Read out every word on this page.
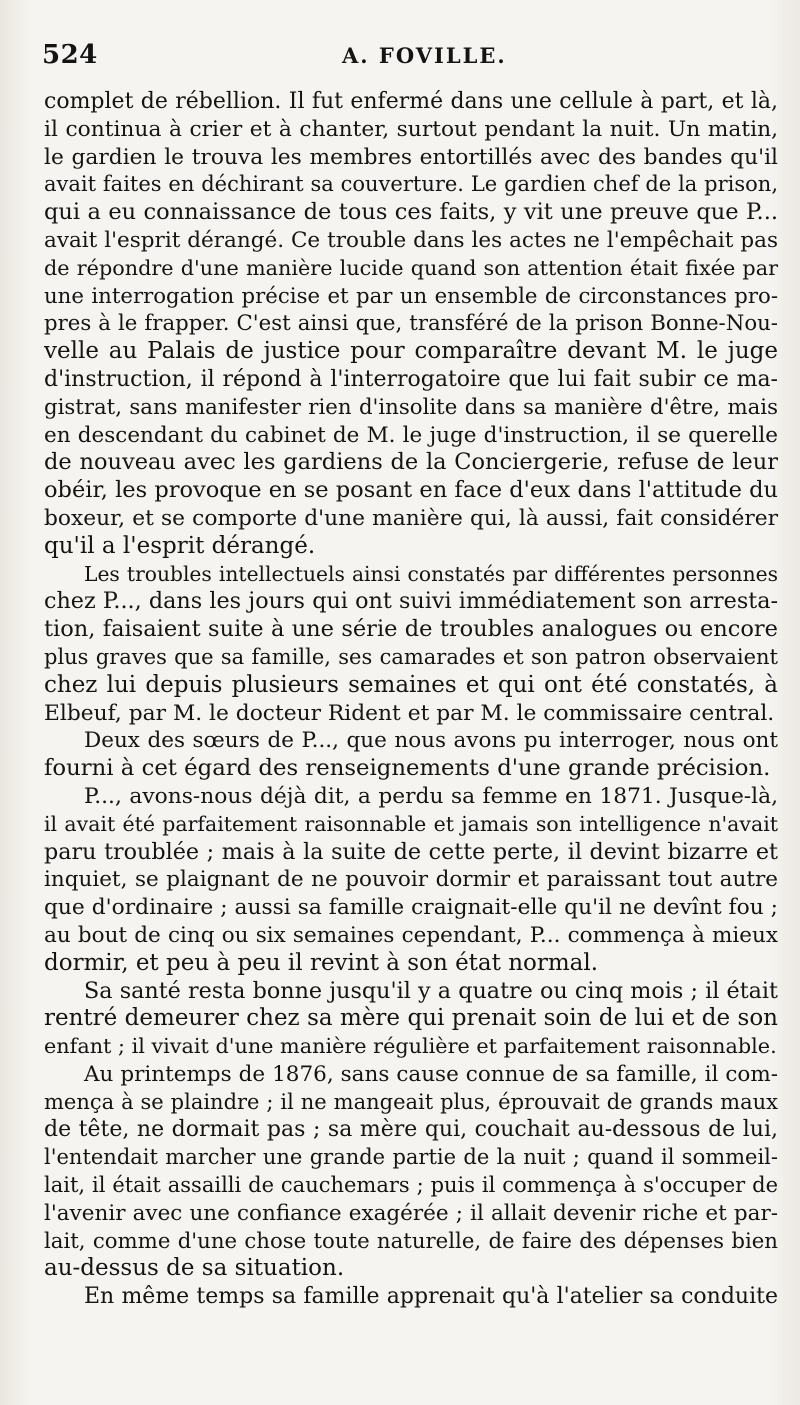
524	A. FOVILLE.
complet de rébellion. Il fut enfermé dans une cellule à part, et là,
il continua à crier et à chanter, surtout pendant la nuit. Un matin,
le gardien le trouva les membres entortillés avec des bandes qu'il
avait faites en déchirant sa couverture. Le gardien chef de la prison,
qui a eu connaissance de tous ces faits, y vit une preuve que P...
avait l'esprit dérangé. Ce trouble dans les actes ne l'empêchait pas
de répondre d'une manière lucide quand son attention était fixée par
une interrogation précise et par un ensemble de circonstances pro-
pres à le frapper. C'est ainsi que, transféré de la prison Bonne-Nou-
velle au Palais de justice pour comparaître devant M. le juge
d'instruction, il répond à l'interrogatoire que lui fait subir ce ma-
gistrat, sans manifester rien d'insolite dans sa manière d'être, mais
en descendant du cabinet de M. le juge d'instruction, il se querelle
de nouveau avec les gardiens de la Conciergerie, refuse de leur
obéir, les provoque en se posant en face d'eux dans l'attitude du
boxeur, et se comporte d'une manière qui, là aussi, fait considérer
qu'il a l'esprit dérangé.
Les troubles intellectuels ainsi constatés par différentes personnes
chez P..., dans les jours qui ont suivi immédiatement son arresta-
tion, faisaient suite à une série de troubles analogues ou encore
plus graves que sa famille, ses camarades et son patron observaient
chez lui depuis plusieurs semaines et qui ont été constatés, à
Elbeuf, par M. le docteur Rident et par M. le commissaire central.
Deux des sœurs de P..., que nous avons pu interroger, nous ont
fourni à cet égard des renseignements d'une grande précision.
P..., avons-nous déjà dit, a perdu sa femme en 1871. Jusque-là,
il avait été parfaitement raisonnable et jamais son intelligence n'avait
paru troublée ; mais à la suite de cette perte, il devint bizarre et
inquiet, se plaignant de ne pouvoir dormir et paraissant tout autre
que d'ordinaire ; aussi sa famille craignait-elle qu'il ne devînt fou ;
au bout de cinq ou six semaines cependant, P... commença à mieux
dormir, et peu à peu il revint à son état normal.
Sa santé resta bonne jusqu'il y a quatre ou cinq mois ; il était
rentré demeurer chez sa mère qui prenait soin de lui et de son
enfant ; il vivait d'une manière régulière et parfaitement raisonnable.
Au printemps de 1876, sans cause connue de sa famille, il com-
mença à se plaindre ; il ne mangeait plus, éprouvait de grands maux
de tête, ne dormait pas ; sa mère qui, couchait au-dessous de lui,
l'entendait marcher une grande partie de la nuit ; quand il sommeil-
lait, il était assailli de cauchemars ; puis il commença à s'occuper de
l'avenir avec une confiance exagérée ; il allait devenir riche et par-
lait, comme d'une chose toute naturelle, de faire des dépenses bien
au-dessus de sa situation.
En même temps sa famille apprenait qu'à l'atelier sa conduite
